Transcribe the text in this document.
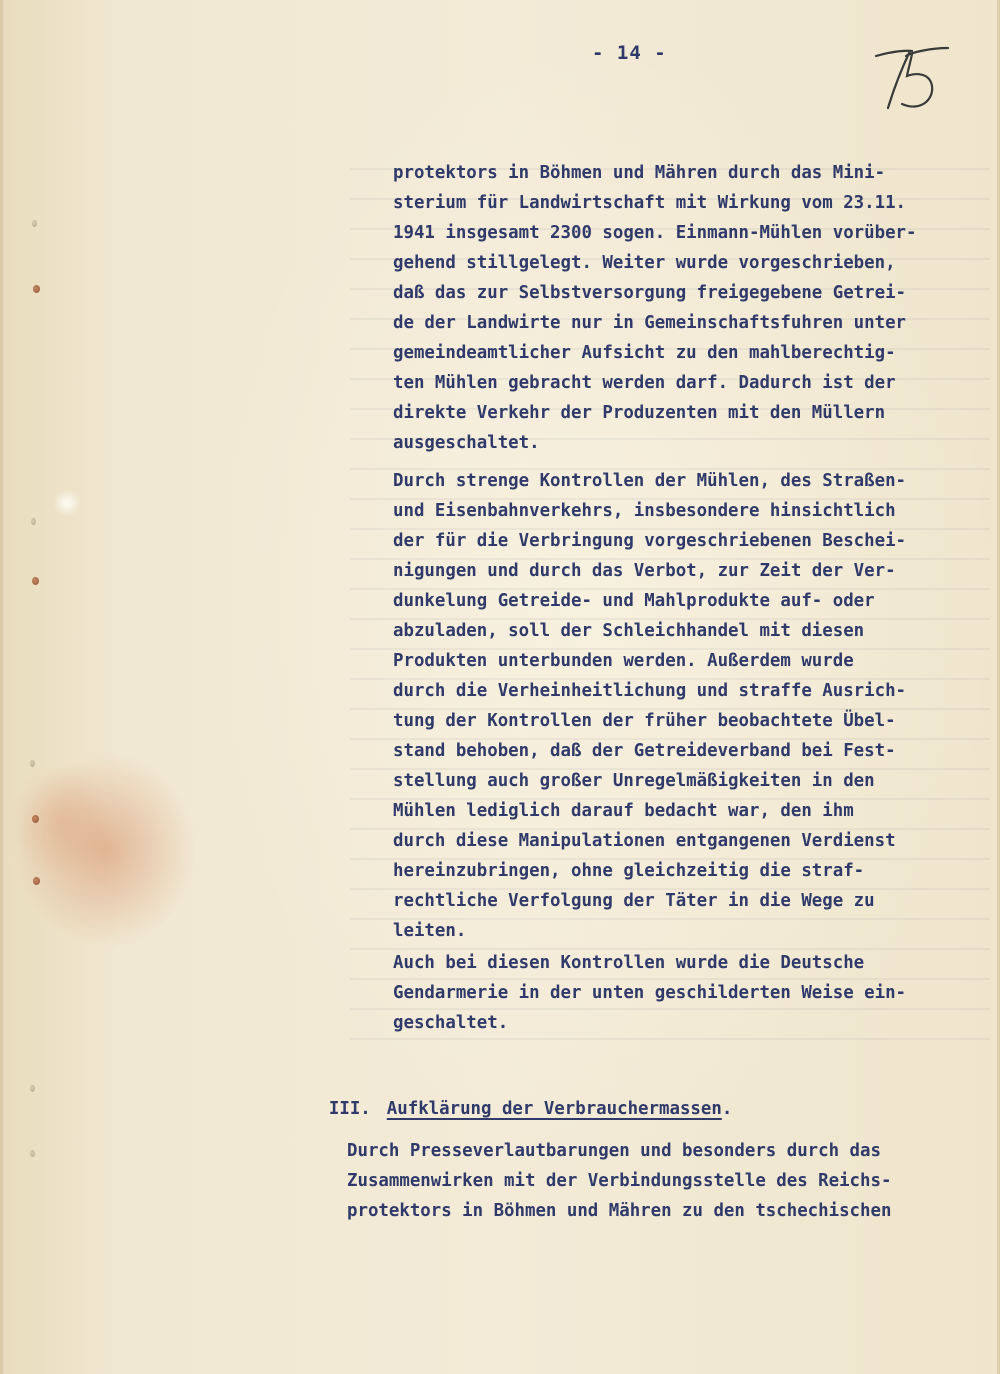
- 14 -
protektors in Böhmen und Mähren durch das Mini-
sterium für Landwirtschaft mit Wirkung vom 23.11.
1941 insgesamt 2300 sogen. Einmann-Mühlen vorüber-
gehend stillgelegt. Weiter wurde vorgeschrieben,
daß das zur Selbstversorgung freigegebene Getrei-
de der Landwirte nur in Gemeinschaftsfuhren unter
gemeindeamtlicher Aufsicht zu den mahlberechtig-
ten Mühlen gebracht werden darf. Dadurch ist der
direkte Verkehr der Produzenten mit den Müllern
ausgeschaltet.
Durch strenge Kontrollen der Mühlen, des Straßen-
und Eisenbahnverkehrs, insbesondere hinsichtlich
der für die Verbringung vorgeschriebenen Beschei-
nigungen und durch das Verbot, zur Zeit der Ver-
dunkelung Getreide- und Mahlprodukte auf- oder
abzuladen, soll der Schleichhandel mit diesen
Produkten unterbunden werden. Außerdem wurde
durch die Verheinheitlichung und straffe Ausrich-
tung der Kontrollen der früher beobachtete Übel-
stand behoben, daß der Getreideverband bei Fest-
stellung auch großer Unregelmäßigkeiten in den
Mühlen lediglich darauf bedacht war, den ihm
durch diese Manipulationen entgangenen Verdienst
hereinzubringen, ohne gleichzeitig die straf-
rechtliche Verfolgung der Täter in die Wege zu
leiten.
Auch bei diesen Kontrollen wurde die Deutsche
Gendarmerie in der unten geschilderten Weise ein-
geschaltet.

III. Aufklärung der Verbrauchermassen.

Durch Presseverlautbarungen und besonders durch das
Zusammenwirken mit der Verbindungsstelle des Reichs-
protektors in Böhmen und Mähren zu den tschechischen
